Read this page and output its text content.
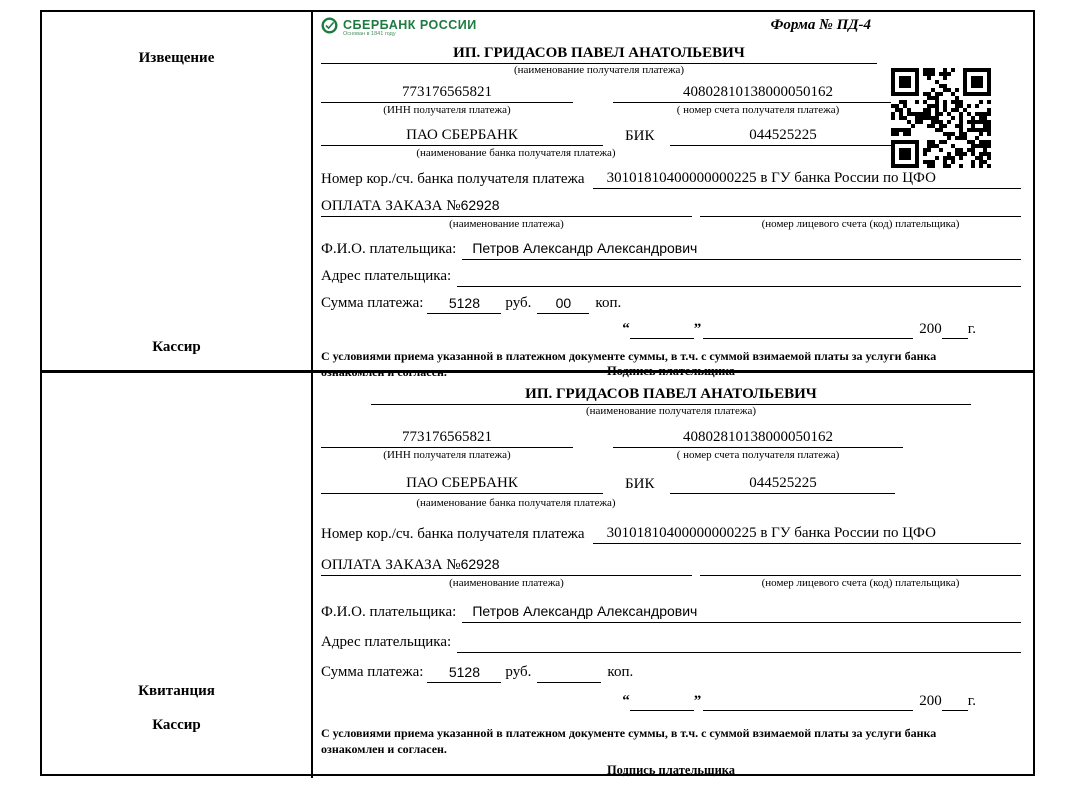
Извещение
Кассир
СБЕРБАНК РОССИИ
Основан в 1841 году
Форма № ПД-4
ИП. ГРИДАСОВ ПАВЕЛ АНАТОЛЬЕВИЧ
(наименование получателя платежа)
773176565821	40802810138000050162
(ИНН получателя платежа)	( номер счета получателя платежа)
ПАО СБЕРБАНК	БИК	044525225
(наименование банка получателя платежа)
Номер кор./сч. банка получателя платежа	30101810400000000225 в ГУ банка России по ЦФО
ОПЛАТА ЗАКАЗА №62928
(наименование платежа)	(номер лицевого счета (код) плательщика)
Ф.И.О. плательщика:	Петров Александр Александрович
Адрес плательщика:
Сумма платежа:	5128	руб.	00	коп.
“	”	200 г.
С условиями приема указанной в платежном документе суммы, в т.ч. с суммой взимаемой платы за услуги банка ознакомлен и согласен.	Подпись плательщика
Квитанция
Кассир
ИП. ГРИДАСОВ ПАВЕЛ АНАТОЛЬЕВИЧ
(наименование получателя платежа)
773176565821	40802810138000050162
(ИНН получателя платежа)	( номер счета получателя платежа)
ПАО СБЕРБАНК	БИК	044525225
(наименование банка получателя платежа)
Номер кор./сч. банка получателя платежа	30101810400000000225 в ГУ банка России по ЦФО
ОПЛАТА ЗАКАЗА №62928
(наименование платежа)	(номер лицевого счета (код) плательщика)
Ф.И.О. плательщика:	Петров Александр Александрович
Адрес плательщика:
Сумма платежа:	5128	руб.	коп.
“	”	200 г.
С условиями приема указанной в платежном документе суммы, в т.ч. с суммой взимаемой платы за услуги банка ознакомлен и согласен.
Подпись плательщика
